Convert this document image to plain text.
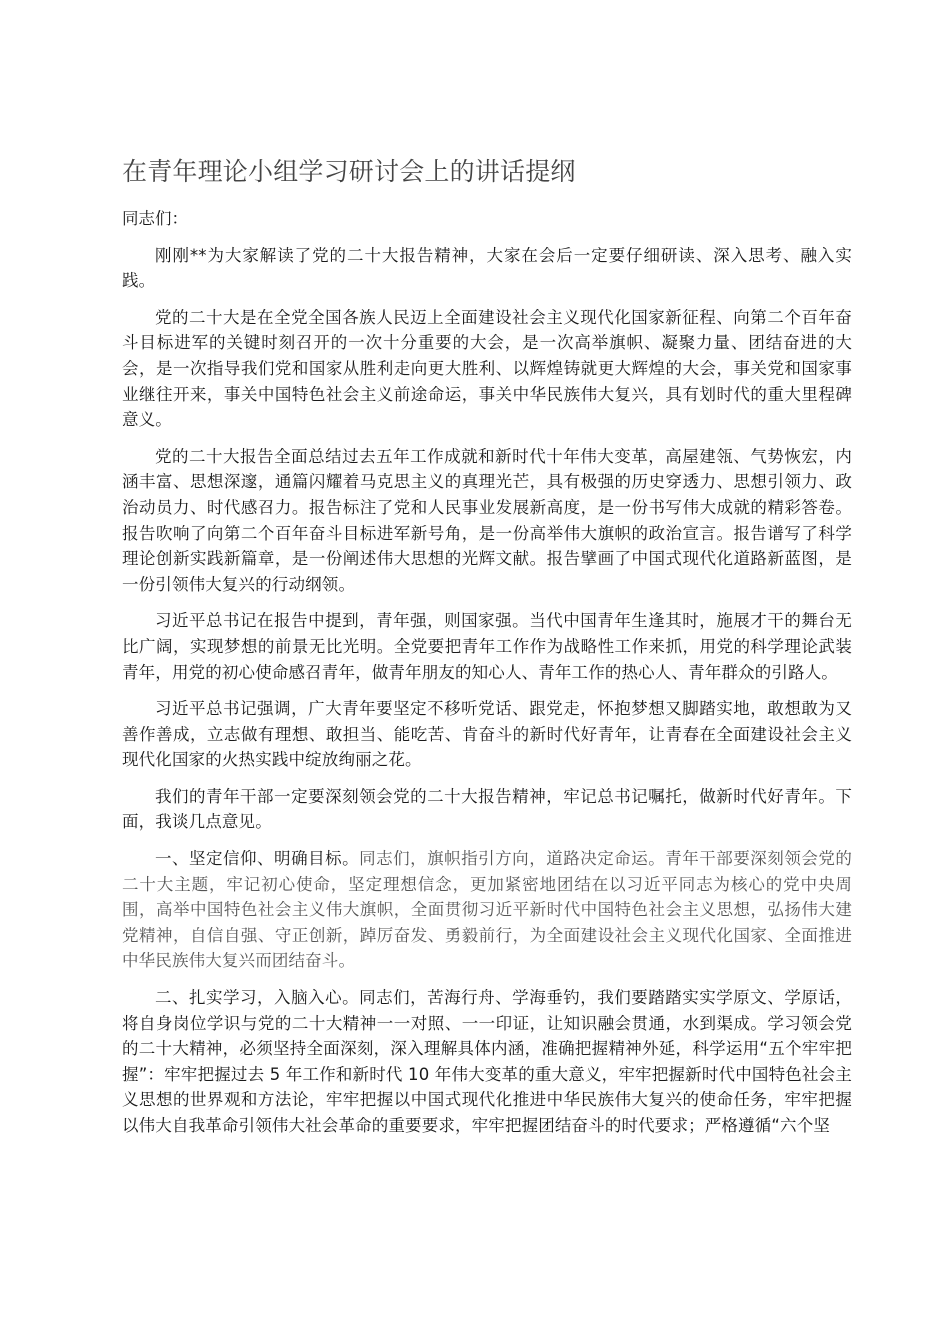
在青年理论小组学习研讨会上的讲话提纲

同志们：

刚刚**为大家解读了党的二十大报告精神，大家在会后一定要仔细研读、深入思考、融入实践。

党的二十大是在全党全国各族人民迈上全面建设社会主义现代化国家新征程、向第二个百年奋斗目标进军的关键时刻召开的一次十分重要的大会，是一次高举旗帜、凝聚力量、团结奋进的大会，是一次指导我们党和国家从胜利走向更大胜利、以辉煌铸就更大辉煌的大会，事关党和国家事业继往开来，事关中国特色社会主义前途命运，事关中华民族伟大复兴，具有划时代的重大里程碑意义。

党的二十大报告全面总结过去五年工作成就和新时代十年伟大变革，高屋建瓴、气势恢宏，内涵丰富、思想深邃，通篇闪耀着马克思主义的真理光芒，具有极强的历史穿透力、思想引领力、政治动员力、时代感召力。报告标注了党和人民事业发展新高度，是一份书写伟大成就的精彩答卷。报告吹响了向第二个百年奋斗目标进军新号角，是一份高举伟大旗帜的政治宣言。报告谱写了科学理论创新实践新篇章，是一份阐述伟大思想的光辉文献。报告擘画了中国式现代化道路新蓝图，是一份引领伟大复兴的行动纲领。

习近平总书记在报告中提到，青年强，则国家强。当代中国青年生逢其时，施展才干的舞台无比广阔，实现梦想的前景无比光明。全党要把青年工作作为战略性工作来抓，用党的科学理论武装青年，用党的初心使命感召青年，做青年朋友的知心人、青年工作的热心人、青年群众的引路人。

习近平总书记强调，广大青年要坚定不移听党话、跟党走，怀抱梦想又脚踏实地，敢想敢为又善作善成，立志做有理想、敢担当、能吃苦、肯奋斗的新时代好青年，让青春在全面建设社会主义现代化国家的火热实践中绽放绚丽之花。

我们的青年干部一定要深刻领会党的二十大报告精神，牢记总书记嘱托，做新时代好青年。下面，我谈几点意见。

一、坚定信仰、明确目标。同志们，旗帜指引方向，道路决定命运。青年干部要深刻领会党的二十大主题，牢记初心使命，坚定理想信念，更加紧密地团结在以习近平同志为核心的党中央周围，高举中国特色社会主义伟大旗帜，全面贯彻习近平新时代中国特色社会主义思想，弘扬伟大建党精神，自信自强、守正创新，踔厉奋发、勇毅前行，为全面建设社会主义现代化国家、全面推进中华民族伟大复兴而团结奋斗。

二、扎实学习，入脑入心。同志们，苦海行舟、学海垂钓，我们要踏踏实实学原文、学原话，将自身岗位学识与党的二十大精神一一对照、一一印证，让知识融会贯通，水到渠成。学习领会党的二十大精神，必须坚持全面深刻，深入理解具体内涵，准确把握精神外延，科学运用“五个牢牢把握”：牢牢把握过去 5 年工作和新时代 10 年伟大变革的重大意义，牢牢把握新时代中国特色社会主义思想的世界观和方法论，牢牢把握以中国式现代化推进中华民族伟大复兴的使命任务，牢牢把握以伟大自我革命引领伟大社会革命的重要要求，牢牢把握团结奋斗的时代要求；严格遵循“六个坚
